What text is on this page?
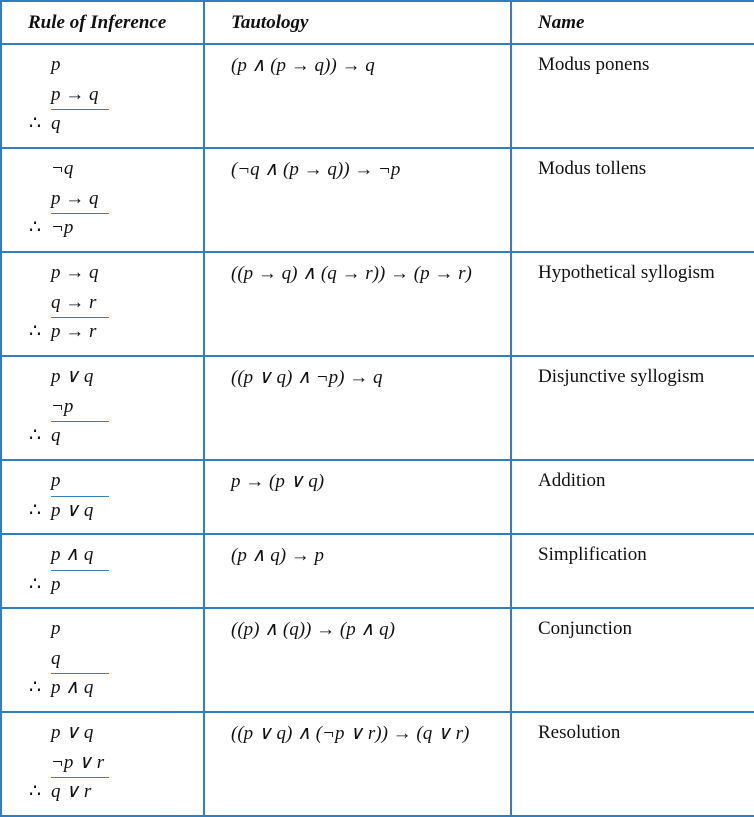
Rule of Inference	Tautology	Name

p
p → q
∴ q	(p ∧ (p → q)) → q	Modus ponens

¬q
p → q
∴ ¬p	(¬q ∧ (p → q)) → ¬p	Modus tollens

p → q
q → r
∴ p → r	((p → q) ∧ (q → r)) → (p → r)	Hypothetical syllogism

p ∨ q
¬p
∴ q	((p ∨ q) ∧ ¬p) → q	Disjunctive syllogism

p
∴ p ∨ q	p → (p ∨ q)	Addition

p ∧ q
∴ p	(p ∧ q) → p	Simplification

p
q
∴ p ∧ q	((p) ∧ (q)) → (p ∧ q)	Conjunction

p ∨ q
¬p ∨ r
∴ q ∨ r	((p ∨ q) ∧ (¬p ∨ r)) → (q ∨ r)	Resolution
